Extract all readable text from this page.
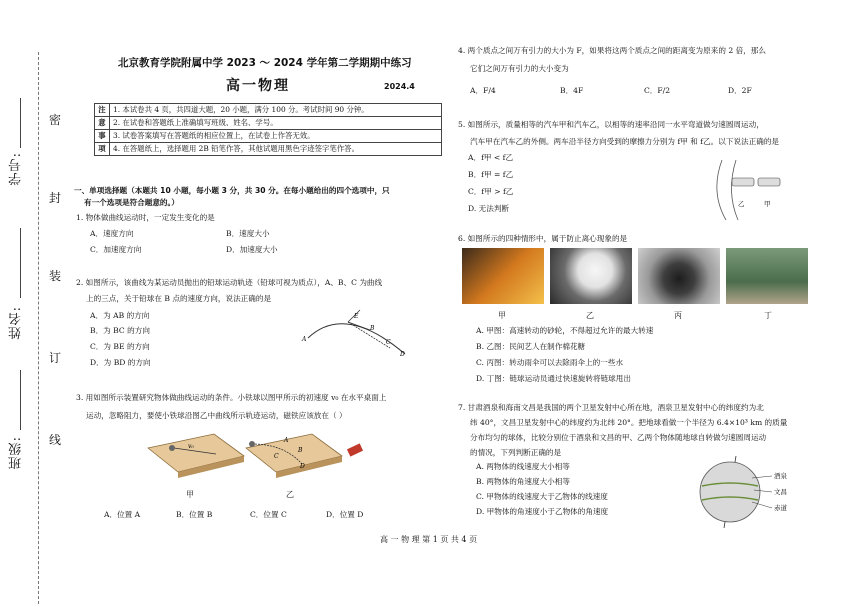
班级:
姓名:
学号:
密
封
装
订
线
北京教育学院附属中学 2023 ～ 2024 学年第二学期期中练习
高一物理	2024.4
注	1. 本试卷共 4 页，共四道大题，20 小题，满分 100 分。考试时间 90 分钟。
意	2. 在试卷和答题纸上准确填写班级、姓名、学号。
事	3. 试卷答案填写在答题纸的相应位置上，在试卷上作答无效。
项	4. 在答题纸上，选择题用 2B 铅笔作答，其他试题用黑色字迹签字笔作答。
一、单项选择题（本题共 10 小题，每小题 3 分，共 30 分。在每小题给出的四个选项中，只
有一个选项是符合题意的。）
1. 物体做曲线运动时，一定发生变化的是
A．速度方向	B．速度大小
C．加速度方向	D．加速度大小
2. 如图所示，该曲线为某运动员抛出的铅球运动轨迹（铅球可视为质点），A、B、C 为曲线
上的三点，关于铅球在 B 点的速度方向，说法正确的是
A．为 AB 的方向
B．为 BC 的方向
C．为 BE 的方向
D．为 BD 的方向
A
B
C
D
E
3. 用如图所示装置研究物体做曲线运动的条件。小铁球以图甲所示的初速度 v₀ 在水平桌面上
运动，忽略阻力，要使小铁球沿图乙中曲线所示轨迹运动，磁铁应该放在（ ）
v₀
A
B
C
D
甲	乙
A．位置 A	B．位置 B	C．位置 C	D．位置 D
4. 两个质点之间万有引力的大小为 F，如果将这两个质点之间的距离变为原来的 2 倍，那么
它们之间万有引力的大小变为
A．F/4	B．4F	C．F/2	D．2F
5. 如图所示，质量相等的汽车甲和汽车乙，以相等的速率沿同一水平弯道做匀速圆周运动，
汽车甲在汽车乙的外侧。两车沿半径方向受到的摩擦力分别为 f甲 和 f乙。以下说法正确的是
A．f甲 < f乙
B．f甲 = f乙
C．f甲 > f乙
D. 无法判断	乙	甲
6. 如图所示的四种情形中，属于防止离心现象的是
甲	乙	丙	丁
A. 甲图：高速转动的砂轮，不得超过允许的最大转速
B. 乙图：民间艺人在制作棉花糖
C. 丙图：转动雨伞可以去除雨伞上的一些水
D. 丁图：链球运动员通过快速旋转将链球甩出
7. 甘肃酒泉和海南文昌是我国的两个卫星发射中心所在地，酒泉卫星发射中心的纬度约为北
纬 40°，文昌卫星发射中心的纬度约为北纬 20°。把地球看做一个半径为 6.4×10³ km 的质量
分布均匀的球体，比较分别位于酒泉和文昌的甲、乙两个物体随地球自转做匀速圆周运动
的情况，下列判断正确的是
A. 两物体的线速度大小相等
B. 两物体的角速度大小相等
C. 甲物体的线速度大于乙物体的线速度
D. 甲物体的角速度小于乙物体的角速度
酒泉
文昌
赤道
高 一 物 理 第 1 页 共 4 页
